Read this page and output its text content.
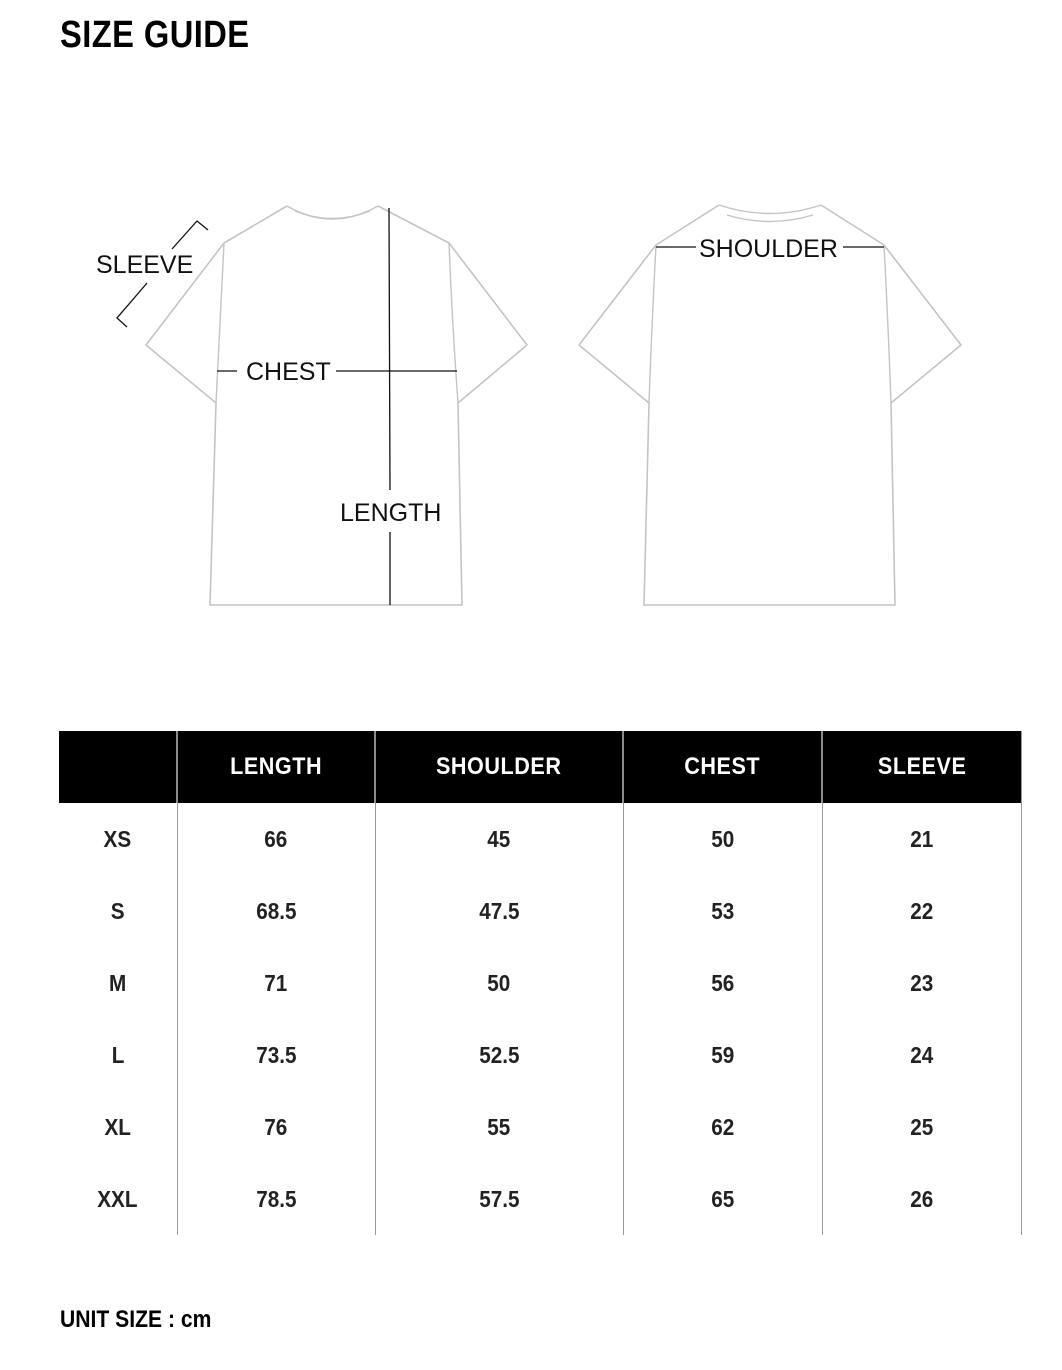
SIZE GUIDE
SLEEVE
CHEST
LENGTH
SHOULDER
	LENGTH	SHOULDER	CHEST	SLEEVE
XS	66	45	50	21
S	68.5	47.5	53	22
M	71	50	56	23
L	73.5	52.5	59	24
XL	76	55	62	25
XXL	78.5	57.5	65	26

UNIT SIZE : cm
